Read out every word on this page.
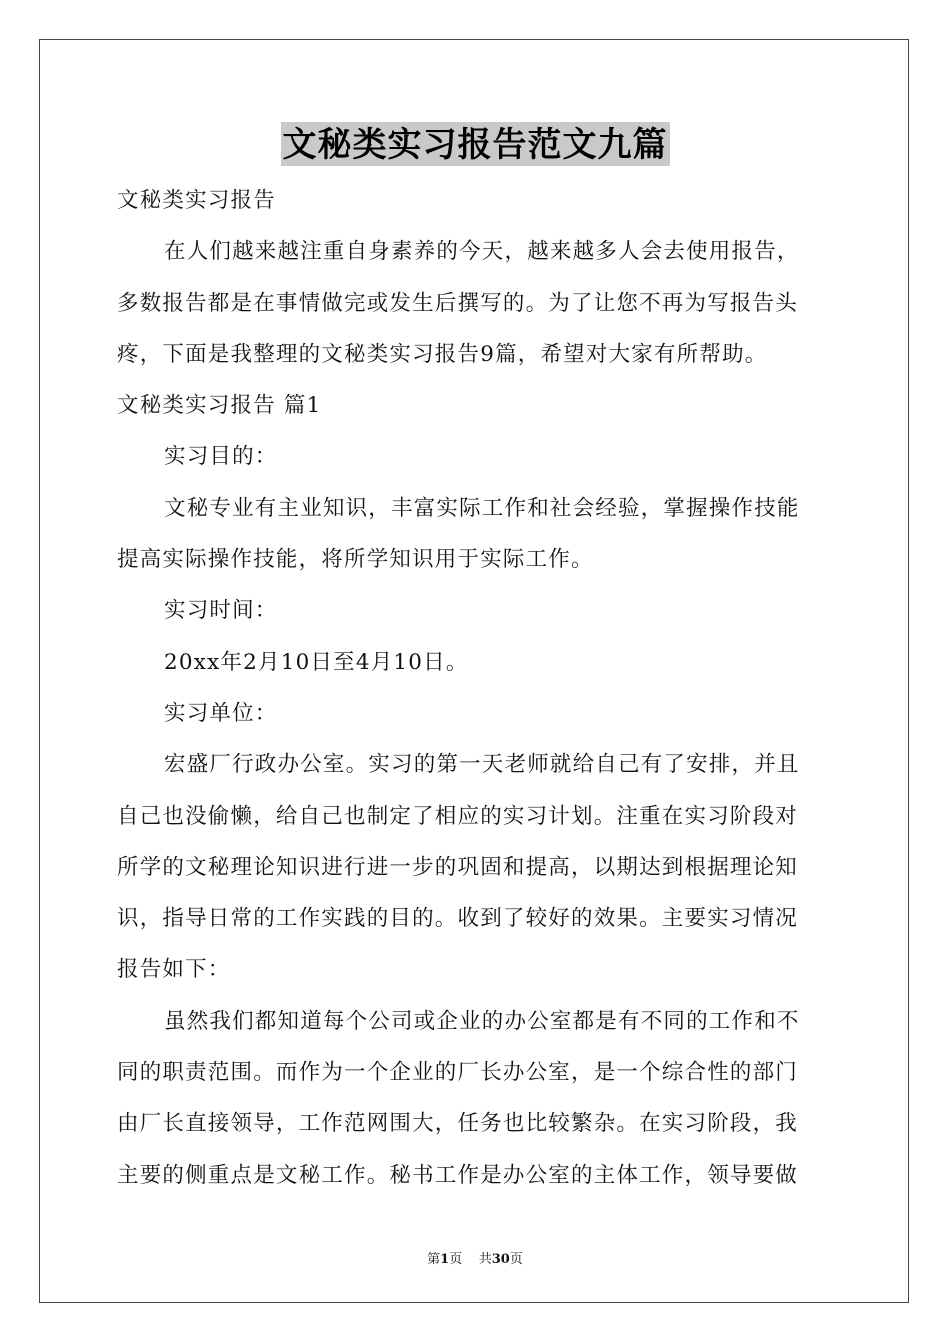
文秘类实习报告范文九篇
文秘类实习报告
在人们越来越注重自身素养的今天，越来越多人会去使用报告，
多数报告都是在事情做完或发生后撰写的。为了让您不再为写报告头
疼，下面是我整理的文秘类实习报告9篇，希望对大家有所帮助。
文秘类实习报告 篇1
实习目的：
文秘专业有主业知识，丰富实际工作和社会经验，掌握操作技能
提高实际操作技能，将所学知识用于实际工作。
实习时间：
20xx年2月10日至4月10日。
实习单位：
宏盛厂行政办公室。实习的第一天老师就给自己有了安排，并且
自己也没偷懒，给自己也制定了相应的实习计划。注重在实习阶段对
所学的文秘理论知识进行进一步的巩固和提高，以期达到根据理论知
识，指导日常的工作实践的目的。收到了较好的效果。主要实习情况
报告如下：
虽然我们都知道每个公司或企业的办公室都是有不同的工作和不
同的职责范围。而作为一个企业的厂长办公室，是一个综合性的部门
由厂长直接领导，工作范网围大，任务也比较繁杂。在实习阶段，我
主要的侧重点是文秘工作。秘书工作是办公室的主体工作，领导要做
第1页 共30页
